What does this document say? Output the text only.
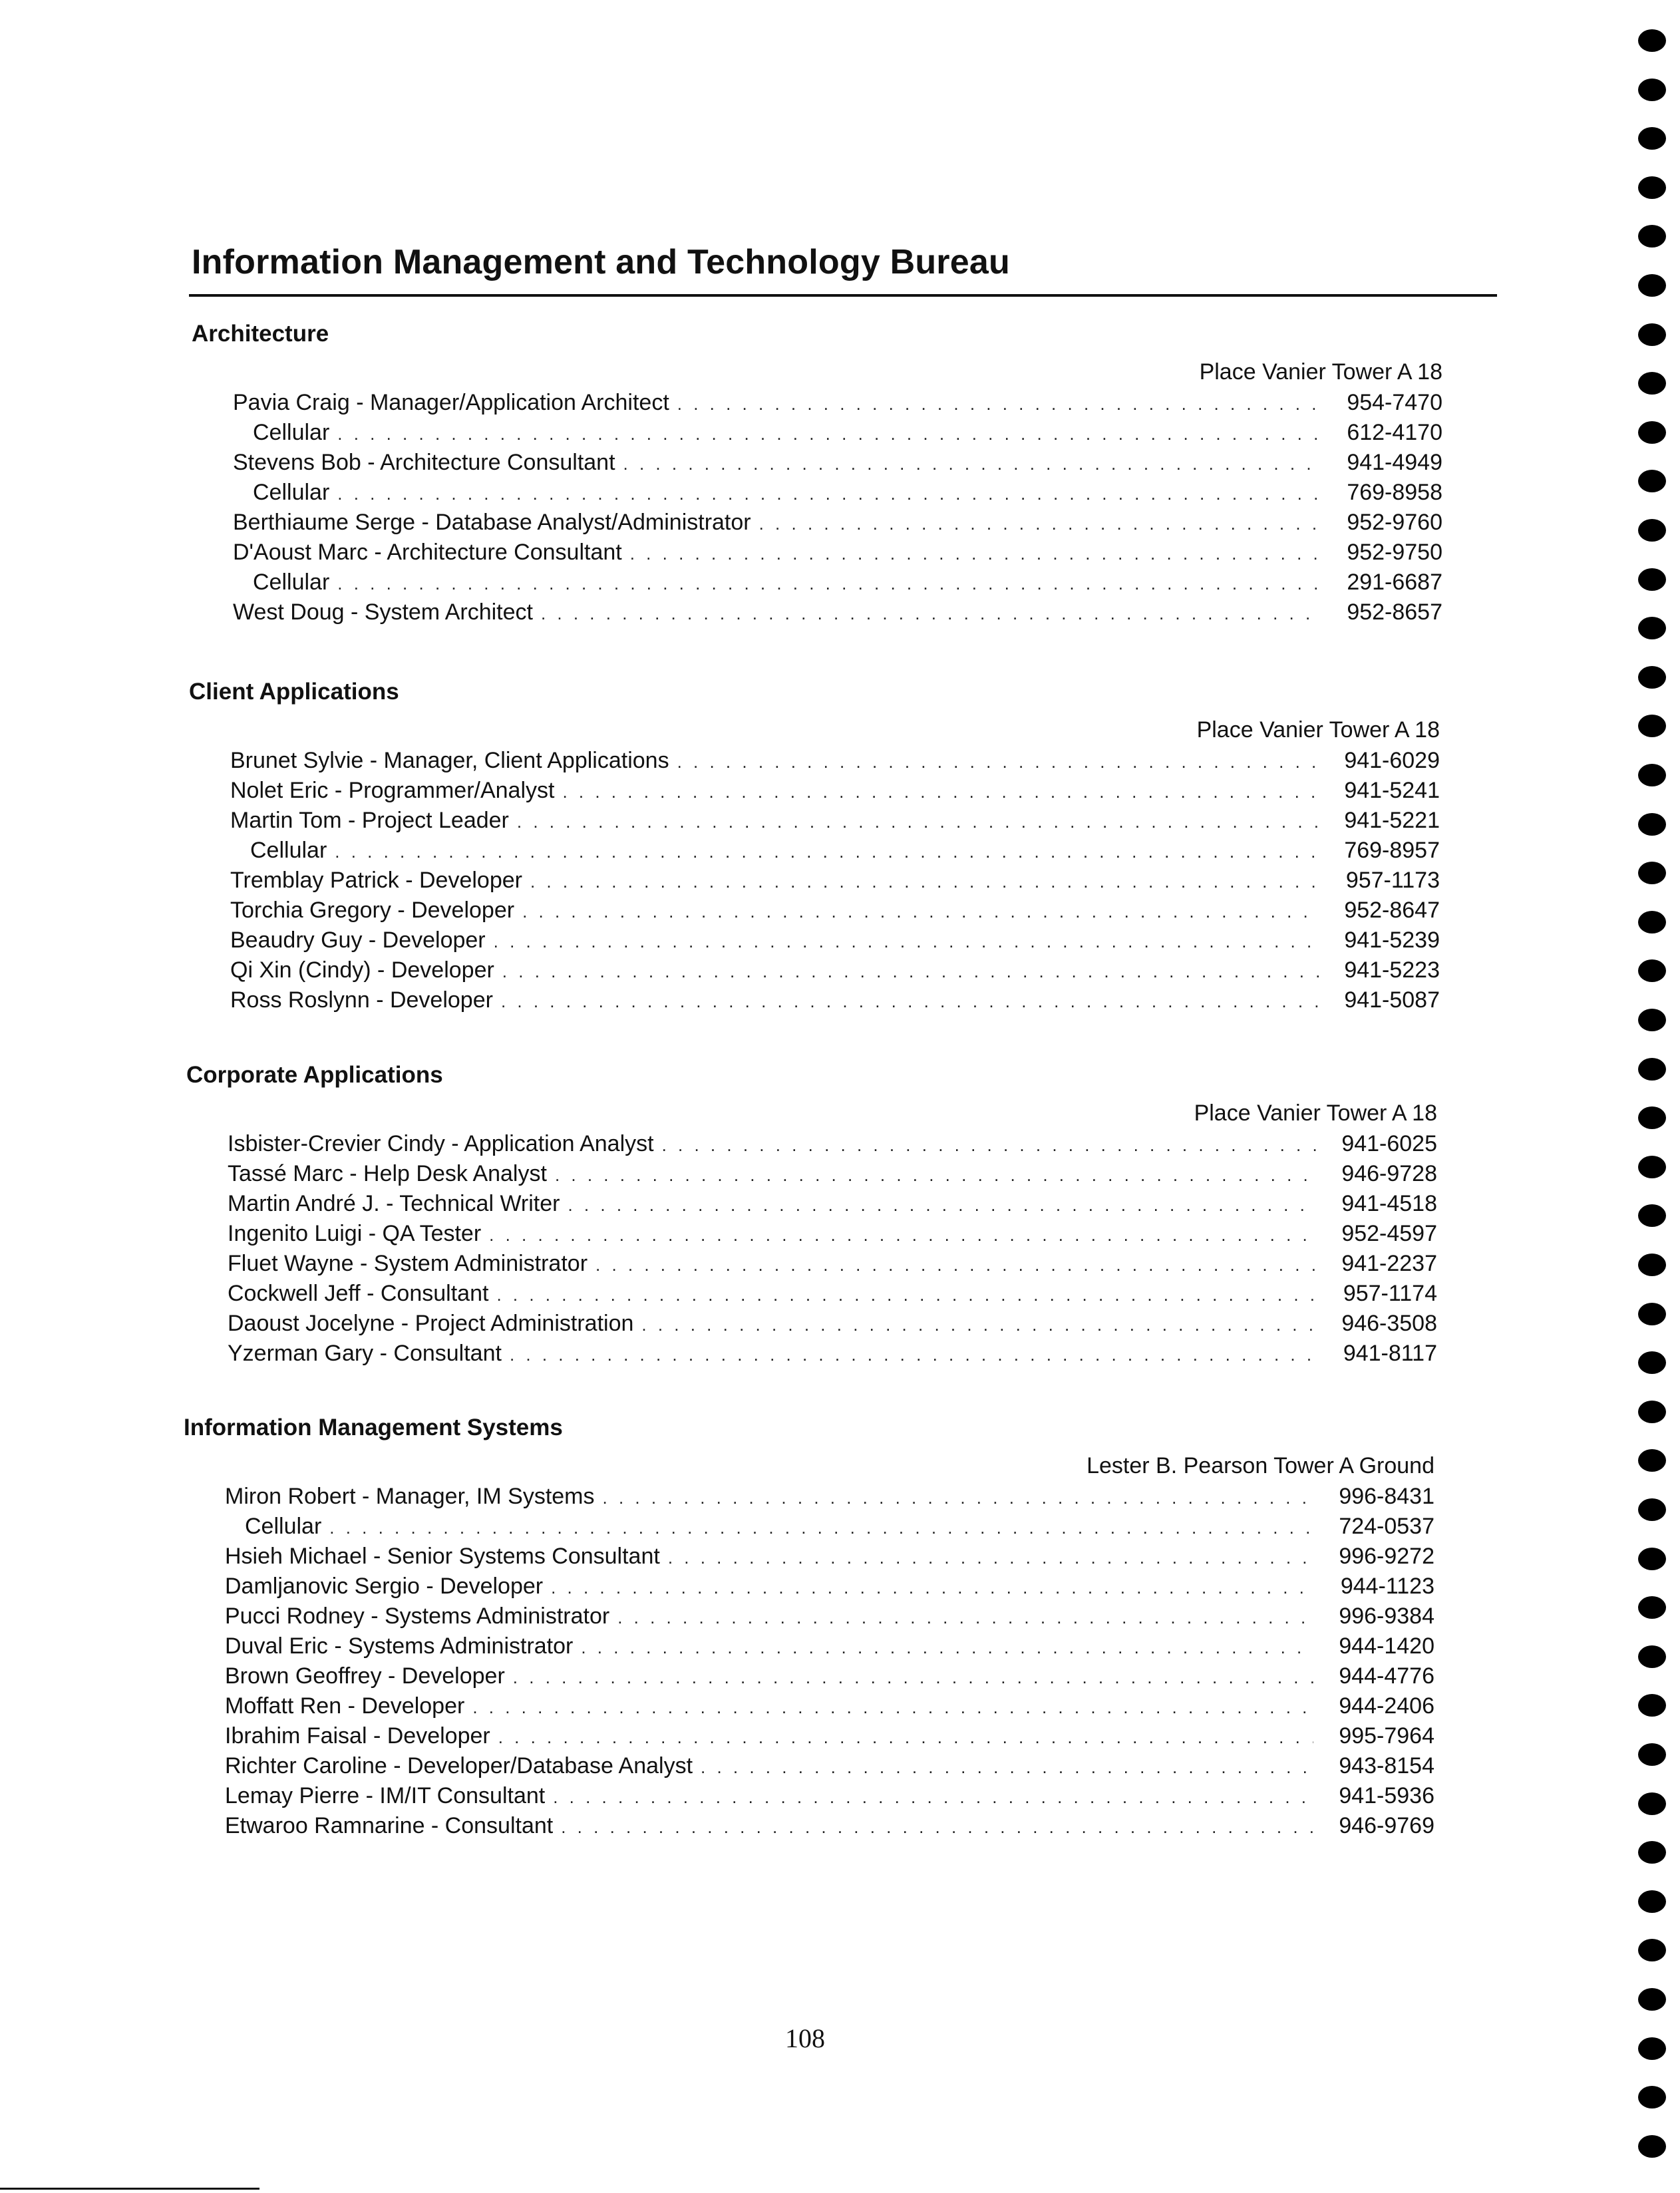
Information Management and Technology Bureau
Architecture
Place Vanier Tower A 18
Pavia Craig - Manager/Application Architect . . .	954-7470
Cellular . . .	612-4170
Stevens Bob - Architecture Consultant . . .	941-4949
Cellular . . .	769-8958
Berthiaume Serge - Database Analyst/Administrator . . .	952-9760
D'Aoust Marc - Architecture Consultant . . .	952-9750
Cellular . . .	291-6687
West Doug - System Architect . . .	952-8657
Client Applications
Place Vanier Tower A 18
Brunet Sylvie - Manager, Client Applications . . .	941-6029
Nolet Eric - Programmer/Analyst . . .	941-5241
Martin Tom - Project Leader . . .	941-5221
Cellular . . .	769-8957
Tremblay Patrick - Developer . . .	957-1173
Torchia Gregory - Developer . . .	952-8647
Beaudry Guy - Developer . . .	941-5239
Qi Xin (Cindy) - Developer . . .	941-5223
Ross Roslynn - Developer . . .	941-5087
Corporate Applications
Place Vanier Tower A 18
Isbister-Crevier Cindy - Application Analyst . . .	941-6025
Tassé Marc - Help Desk Analyst . . .	946-9728
Martin André J. - Technical Writer . . .	941-4518
Ingenito Luigi - QA Tester . . .	952-4597
Fluet Wayne - System Administrator . . .	941-2237
Cockwell Jeff - Consultant . . .	957-1174
Daoust Jocelyne - Project Administration . . .	946-3508
Yzerman Gary - Consultant . . .	941-8117
Information Management Systems
Lester B. Pearson Tower A Ground
Miron Robert - Manager, IM Systems . . .	996-8431
Cellular . . .	724-0537
Hsieh Michael - Senior Systems Consultant . . .	996-9272
Damljanovic Sergio - Developer . . .	944-1123
Pucci Rodney - Systems Administrator . . .	996-9384
Duval Eric - Systems Administrator . . .	944-1420
Brown Geoffrey - Developer . . .	944-4776
Moffatt Ren - Developer . . .	944-2406
Ibrahim Faisal - Developer . . .	995-7964
Richter Caroline - Developer/Database Analyst . . .	943-8154
Lemay Pierre - IM/IT Consultant . . .	941-5936
Etwaroo Ramnarine - Consultant . . .	946-9769
108
